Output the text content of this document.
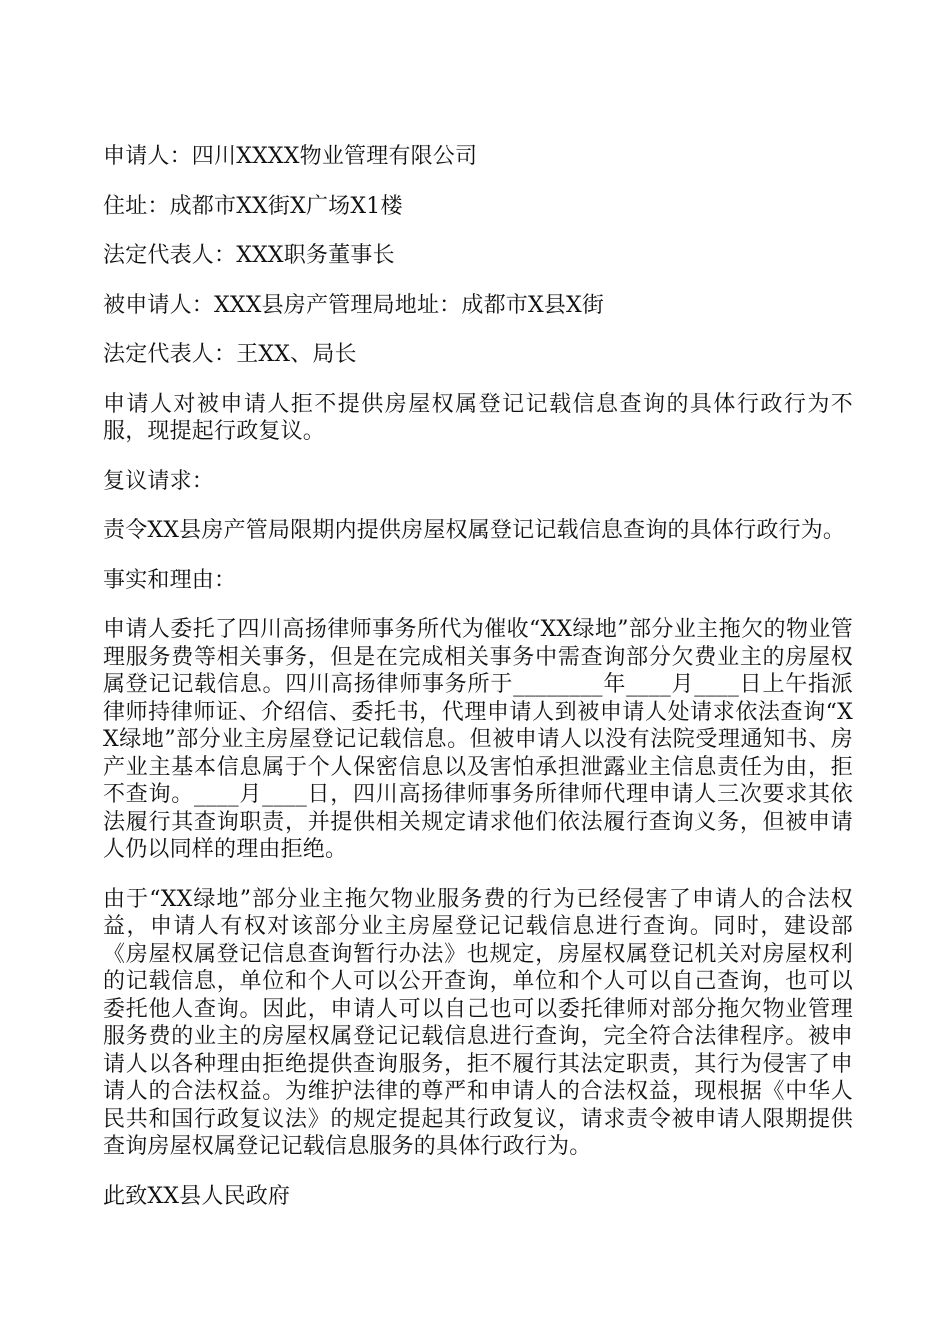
申请人：四川XXXX物业管理有限公司

住址：成都市XX街X广场X1楼

法定代表人：XXX职务董事长

被申请人：XXX县房产管理局地址：成都市X县X街

法定代表人：王XX、局长

申请人对被申请人拒不提供房屋权属登记记载信息查询的具体行政行为不服，现提起行政复议。

复议请求：

责令XX县房产管局限期内提供房屋权属登记记载信息查询的具体行政行为。

事实和理由：

申请人委托了四川高扬律师事务所代为催收“XX绿地”部分业主拖欠的物业管理服务费等相关事务，但是在完成相关事务中需查询部分欠费业主的房屋权属登记记载信息。四川高扬律师事务所于________年____月____日上午指派律师持律师证、介绍信、委托书，代理申请人到被申请人处请求依法查询“XX绿地”部分业主房屋登记记载信息。但被申请人以没有法院受理通知书、房产业主基本信息属于个人保密信息以及害怕承担泄露业主信息责任为由，拒不查询。____月____日，四川高扬律师事务所律师代理申请人三次要求其依法履行其查询职责，并提供相关规定请求他们依法履行查询义务，但被申请人仍以同样的理由拒绝。

由于“XX绿地”部分业主拖欠物业服务费的行为已经侵害了申请人的合法权益，申请人有权对该部分业主房屋登记记载信息进行查询。同时，建设部《房屋权属登记信息查询暂行办法》也规定，房屋权属登记机关对房屋权利的记载信息，单位和个人可以公开查询，单位和个人可以自己查询，也可以委托他人查询。因此，申请人可以自己也可以委托律师对部分拖欠物业管理服务费的业主的房屋权属登记记载信息进行查询，完全符合法律程序。被申请人以各种理由拒绝提供查询服务，拒不履行其法定职责，其行为侵害了申请人的合法权益。为维护法律的尊严和申请人的合法权益，现根据《中华人民共和国行政复议法》的规定提起其行政复议，请求责令被申请人限期提供查询房屋权属登记记载信息服务的具体行政行为。

此致XX县人民政府
